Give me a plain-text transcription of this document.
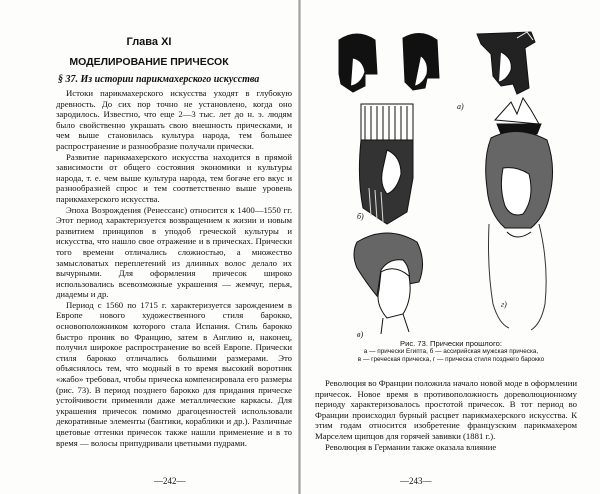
Глава XI
МОДЕЛИРОВАНИЕ ПРИЧЕСОК
§ 37. Из истории парикмахерского искусства

Истоки парикмахерского искусства уходят в глубокую древность. До сих пор точно не установлено, когда оно зародилось. Известно, что еще 2—3 тыс. лет до н. э. людям было свойственно украшать свою внешность прическами, и чем выше становилась культура народа, тем большее распространение и разнообразие получали прически.

Развитие парикмахерского искусства находится в прямой зависимости от общего состояния экономики и культуры народа, т. е. чем выше культура народа, тем богаче его вкус и разнообразней спрос и тем соответственно выше уровень парикмахерского искусства.

Эпоха Возрождения (Ренессанс) относится к 1400—1550 гг. Этот период характеризуется возвращением к жизни и новым развитием принципов в уподоб греческой культуры и искусства, что нашло свое отражение и в прическах. Прически того времени отличались сложностью, а множество замысловатых переплетений из длинных волос делало их вычурными. Для оформления причесок широко использовались всевозможные украшения — жемчуг, перья, диадемы и др.

Период с 1560 по 1715 г. характеризуется зарождением в Европе нового художественного стиля барокко, основоположником которого стала Испания. Стиль барокко быстро проник во Францию, затем в Англию и, наконец, получил широкое распространение во всей Европе. Прически стиля барокко отличались большими размерами. Это объяснялось тем, что модный в то время высокий воротник «жабо» требовал, чтобы прическа компенсировала его размеры (рис. 73). В период позднего барокко для придания прическе устойчивости применяли даже металлические каркасы. Для украшения причесок помимо драгоценностей использовали декоративные элементы (бантики, кораблики и др.). Различные цветовые оттенки причесок также нашли применение и в то время — волосы припудривали цветными пудрами.

—242—
а)
б)
в)
г)
Рис. 73. Прически прошлого:
а — прически Египта, б — ассирийская мужская прическа,
в — греческая прическа, г — прическа стиля позднего барокко

Революция во Франции положила начало новой моде в оформлении причесок. Новое время в противоположность дореволюционному периоду характеризовалось простотой причесок. В тот период во Франции происходил бурный расцвет парикмахерского искусства. К этим годам относится изобретение французским парикмахером Марселем щипцов для горячей завивки (1881 г.).

Революция в Германии также оказала влияние

—243—
